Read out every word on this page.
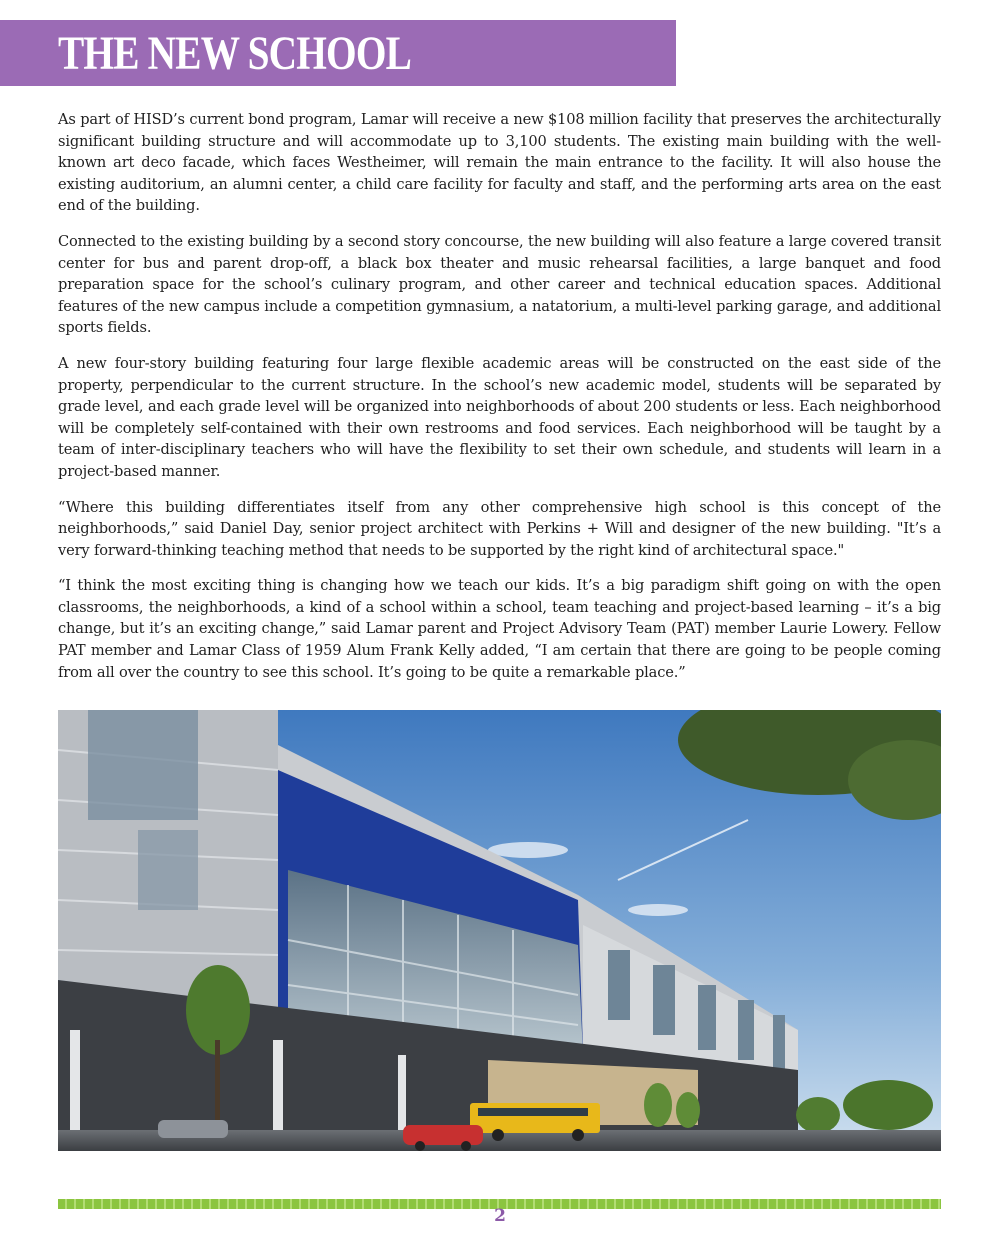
THE NEW SCHOOL

As part of HISD’s current bond program, Lamar will receive a new $108 million facility that preserves the architecturally significant building structure and will accommodate up to 3,100 students. The existing main building with the well-known art deco facade, which faces Westheimer, will remain the main entrance to the facility. It will also house the existing auditorium, an alumni center, a child care facility for faculty and staff, and the performing arts area on the east end of the building.

Connected to the existing building by a second story concourse, the new building will also feature a large covered transit center for bus and parent drop-off, a black box theater and music rehearsal facilities, a large banquet and food preparation space for the school’s culinary program, and other career and technical education spaces. Additional features of the new campus include a competition gymnasium, a natatorium, a multi-level parking garage, and additional sports fields.

A new four-story building featuring four large flexible academic areas will be constructed on the east side of the property, perpendicular to the current structure. In the school’s new academic model, students will be separated by grade level, and each grade level will be organized into neighborhoods of about 200 students or less. Each neighborhood will be completely self-contained with their own restrooms and food services. Each neighborhood will be taught by a team of inter-disciplinary teachers who will have the flexibility to set their own schedule, and students will learn in a project-based manner.

“Where this building differentiates itself from any other comprehensive high school is this concept of the neighborhoods,” said Daniel Day, senior project architect with Perkins + Will and designer of the new building. "It’s a very forward-thinking teaching method that needs to be supported by the right kind of architectural space."

“I think the most exciting thing is changing how we teach our kids. It’s a big paradigm shift going on with the open classrooms, the neighborhoods, a kind of a school within a school, team teaching and project-based learning – it’s a big change, but it’s an exciting change,” said Lamar parent and Project Advisory Team (PAT) member Laurie Lowery. Fellow PAT member and Lamar Class of 1959 Alum Frank Kelly added, “I am certain that there are going to be people coming from all over the country to see this school. It’s going to be quite a remarkable place.”

2
